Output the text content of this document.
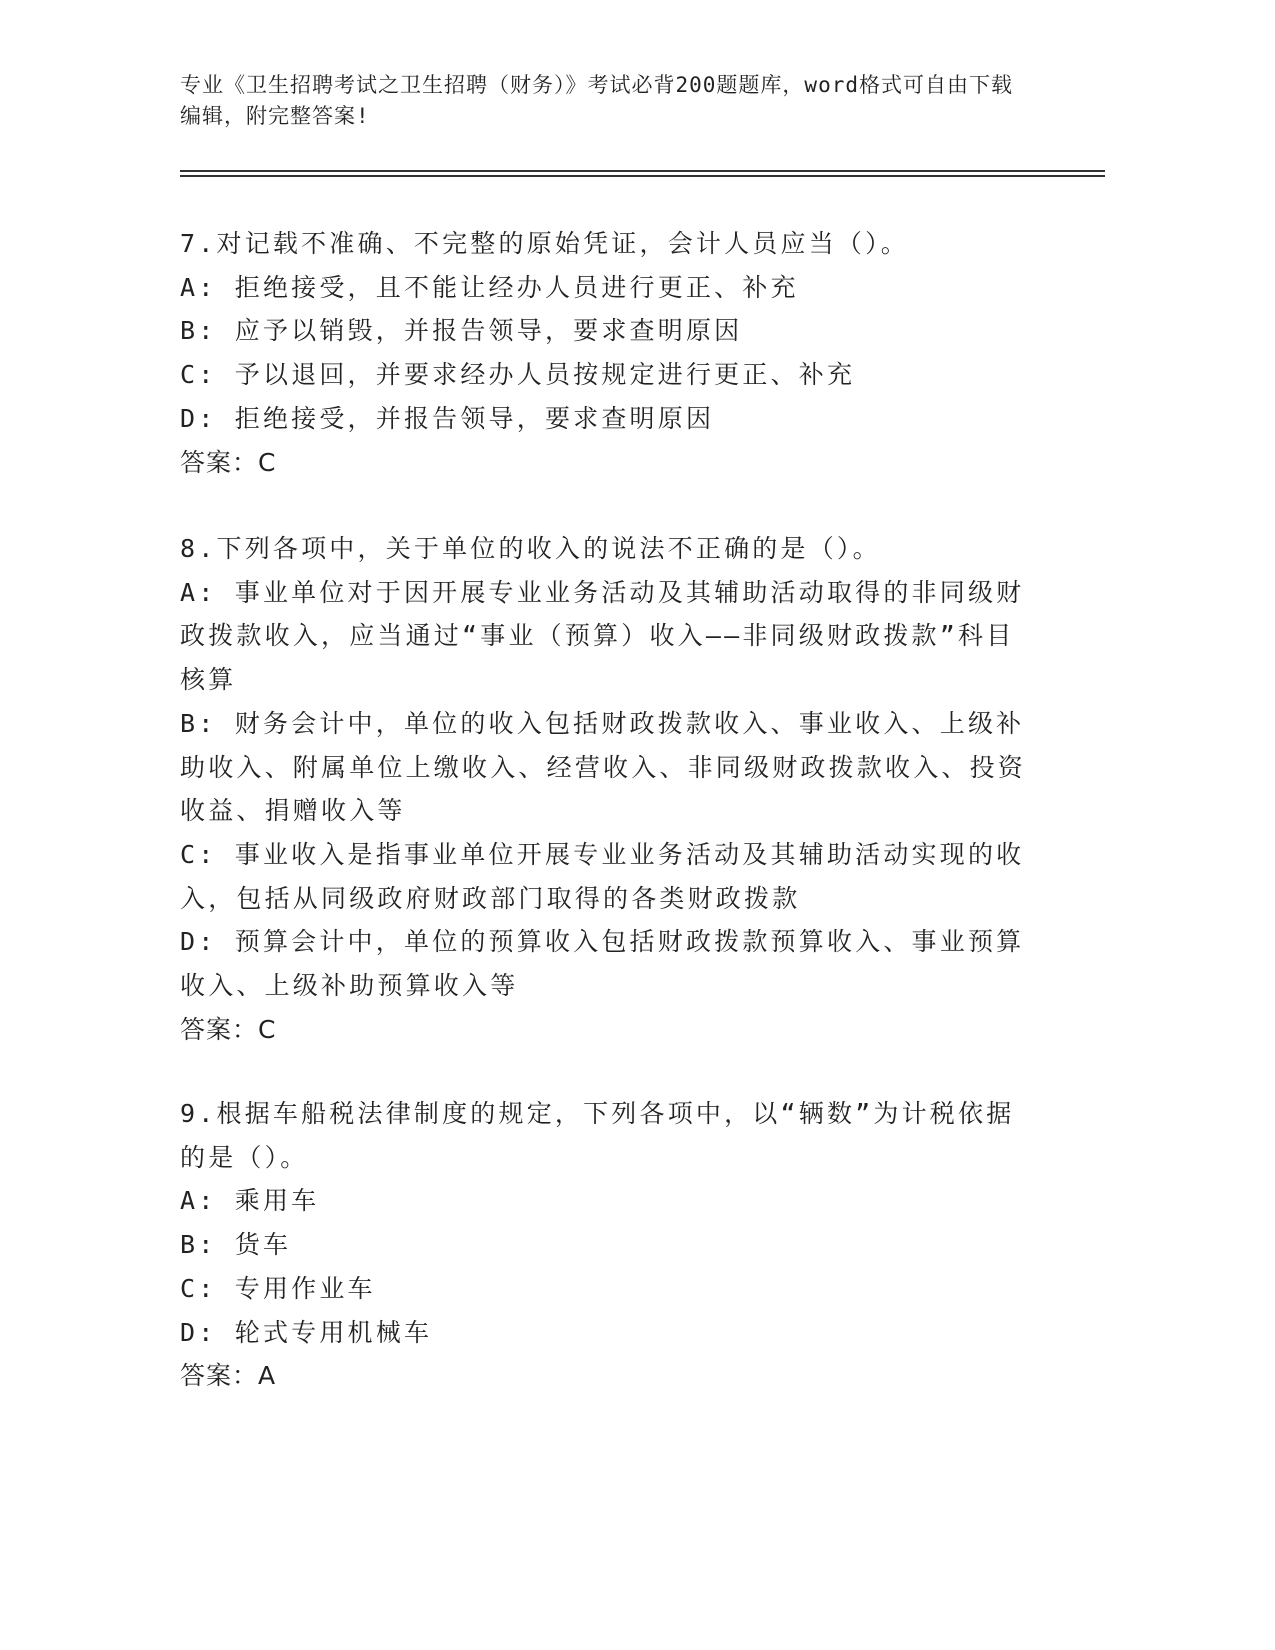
专业《卫生招聘考试之卫生招聘（财务）》考试必背200题题库，word格式可自由下载编辑，附完整答案!

7.对记载不准确、不完整的原始凭证，会计人员应当（）。

A: 拒绝接受，且不能让经办人员进行更正、补充

B: 应予以销毁，并报告领导，要求查明原因

C: 予以退回，并要求经办人员按规定进行更正、补充

D: 拒绝接受，并报告领导，要求查明原因

答案：C

8.下列各项中，关于单位的收入的说法不正确的是（）。

A: 事业单位对于因开展专业业务活动及其辅助活动取得的非同级财政拨款收入，应当通过“事业（预算）收入——非同级财政拨款”科目核算

B: 财务会计中，单位的收入包括财政拨款收入、事业收入、上级补助收入、附属单位上缴收入、经营收入、非同级财政拨款收入、投资收益、捐赠收入等

C: 事业收入是指事业单位开展专业业务活动及其辅助活动实现的收入，包括从同级政府财政部门取得的各类财政拨款

D: 预算会计中，单位的预算收入包括财政拨款预算收入、事业预算收入、上级补助预算收入等

答案：C

9.根据车船税法律制度的规定，下列各项中，以“辆数”为计税依据的是（）。

A: 乘用车

B: 货车

C: 专用作业车

D: 轮式专用机械车

答案：A
